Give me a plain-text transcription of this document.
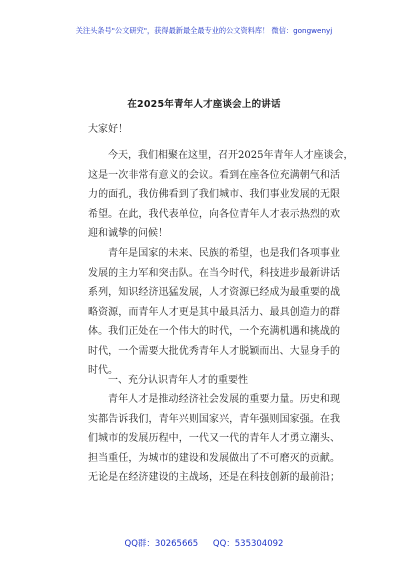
关注头条号"公文研究"，获得最新最全最专业的公文资料库！ 微信：gongwenyj
在2025年青年人才座谈会上的讲话
大家好！
今天，我们相聚在这里，召开2025年青年人才座谈会，
这是一次非常有意义的会议。看到在座各位充满朝气和活
力的面孔，我仿佛看到了我们城市、我们事业发展的无限
希望。在此，我代表单位，向各位青年人才表示热烈的欢
迎和诚挚的问候！
青年是国家的未来、民族的希望，也是我们各项事业
发展的主力军和突击队。在当今时代，科技进步最新讲话
系列，知识经济迅猛发展，人才资源已经成为最重要的战
略资源，而青年人才更是其中最具活力、最具创造力的群
体。我们正处在一个伟大的时代，一个充满机遇和挑战的
时代，一个需要大批优秀青年人才脱颖而出、大显身手的
时代。
一、充分认识青年人才的重要性
青年人才是推动经济社会发展的重要力量。历史和现
实都告诉我们，青年兴则国家兴，青年强则国家强。在我
们城市的发展历程中，一代又一代的青年人才勇立潮头、
担当重任，为城市的建设和发展做出了不可磨灭的贡献。
无论是在经济建设的主战场，还是在科技创新的最前沿；
QQ群：30265665 QQ：535304092
